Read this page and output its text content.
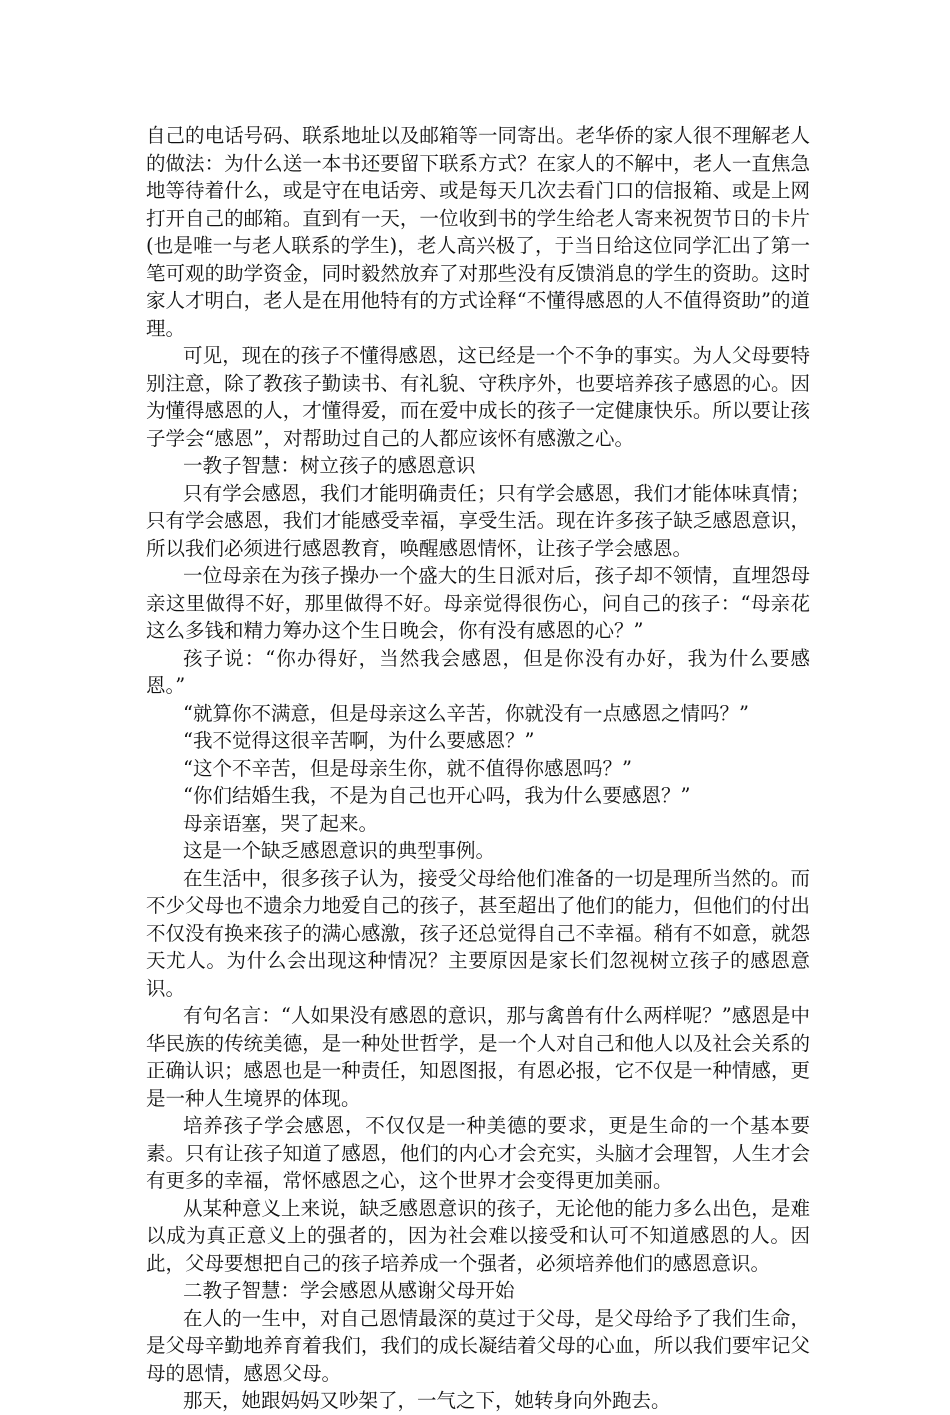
自己的电话号码、联系地址以及邮箱等一同寄出。老华侨的家人很不理解老人的做法：为什么送一本书还要留下联系方式？在家人的不解中，老人一直焦急地等待着什么，或是守在电话旁、或是每天几次去看门口的信报箱、或是上网打开自己的邮箱。直到有一天，一位收到书的学生给老人寄来祝贺节日的卡片(也是唯一与老人联系的学生)，老人高兴极了，于当日给这位同学汇出了第一笔可观的助学资金，同时毅然放弃了对那些没有反馈消息的学生的资助。这时家人才明白，老人是在用他特有的方式诠释“不懂得感恩的人不值得资助”的道理。

可见，现在的孩子不懂得感恩，这已经是一个不争的事实。为人父母要特别注意，除了教孩子勤读书、有礼貌、守秩序外，也要培养孩子感恩的心。因为懂得感恩的人，才懂得爱，而在爱中成长的孩子一定健康快乐。所以要让孩子学会“感恩”，对帮助过自己的人都应该怀有感激之心。

一教子智慧：树立孩子的感恩意识

只有学会感恩，我们才能明确责任；只有学会感恩，我们才能体味真情；只有学会感恩，我们才能感受幸福，享受生活。现在许多孩子缺乏感恩意识，所以我们必须进行感恩教育，唤醒感恩情怀，让孩子学会感恩。

一位母亲在为孩子操办一个盛大的生日派对后，孩子却不领情，直埋怨母亲这里做得不好，那里做得不好。母亲觉得很伤心，问自己的孩子：“母亲花这么多钱和精力筹办这个生日晚会，你有没有感恩的心？”

孩子说：“你办得好，当然我会感恩，但是你没有办好，我为什么要感恩。”

“就算你不满意，但是母亲这么辛苦，你就没有一点感恩之情吗？”

“我不觉得这很辛苦啊，为什么要感恩？”

“这个不辛苦，但是母亲生你，就不值得你感恩吗？”

“你们结婚生我，不是为自己也开心吗，我为什么要感恩？”

母亲语塞，哭了起来。

这是一个缺乏感恩意识的典型事例。

在生活中，很多孩子认为，接受父母给他们准备的一切是理所当然的。而不少父母也不遗余力地爱自己的孩子，甚至超出了他们的能力，但他们的付出不仅没有换来孩子的满心感激，孩子还总觉得自己不幸福。稍有不如意，就怨天尤人。为什么会出现这种情况？主要原因是家长们忽视树立孩子的感恩意识。

有句名言：“人如果没有感恩的意识，那与禽兽有什么两样呢？”感恩是中华民族的传统美德，是一种处世哲学，是一个人对自己和他人以及社会关系的正确认识；感恩也是一种责任，知恩图报，有恩必报，它不仅是一种情感，更是一种人生境界的体现。

培养孩子学会感恩，不仅仅是一种美德的要求，更是生命的一个基本要素。只有让孩子知道了感恩，他们的内心才会充实，头脑才会理智，人生才会有更多的幸福，常怀感恩之心，这个世界才会变得更加美丽。

从某种意义上来说，缺乏感恩意识的孩子，无论他的能力多么出色，是难以成为真正意义上的强者的，因为社会难以接受和认可不知道感恩的人。因此，父母要想把自己的孩子培养成一个强者，必须培养他们的感恩意识。

二教子智慧：学会感恩从感谢父母开始

在人的一生中，对自己恩情最深的莫过于父母，是父母给予了我们生命，是父母辛勤地养育着我们，我们的成长凝结着父母的心血，所以我们要牢记父母的恩情，感恩父母。

那天，她跟妈妈又吵架了，一气之下，她转身向外跑去。
